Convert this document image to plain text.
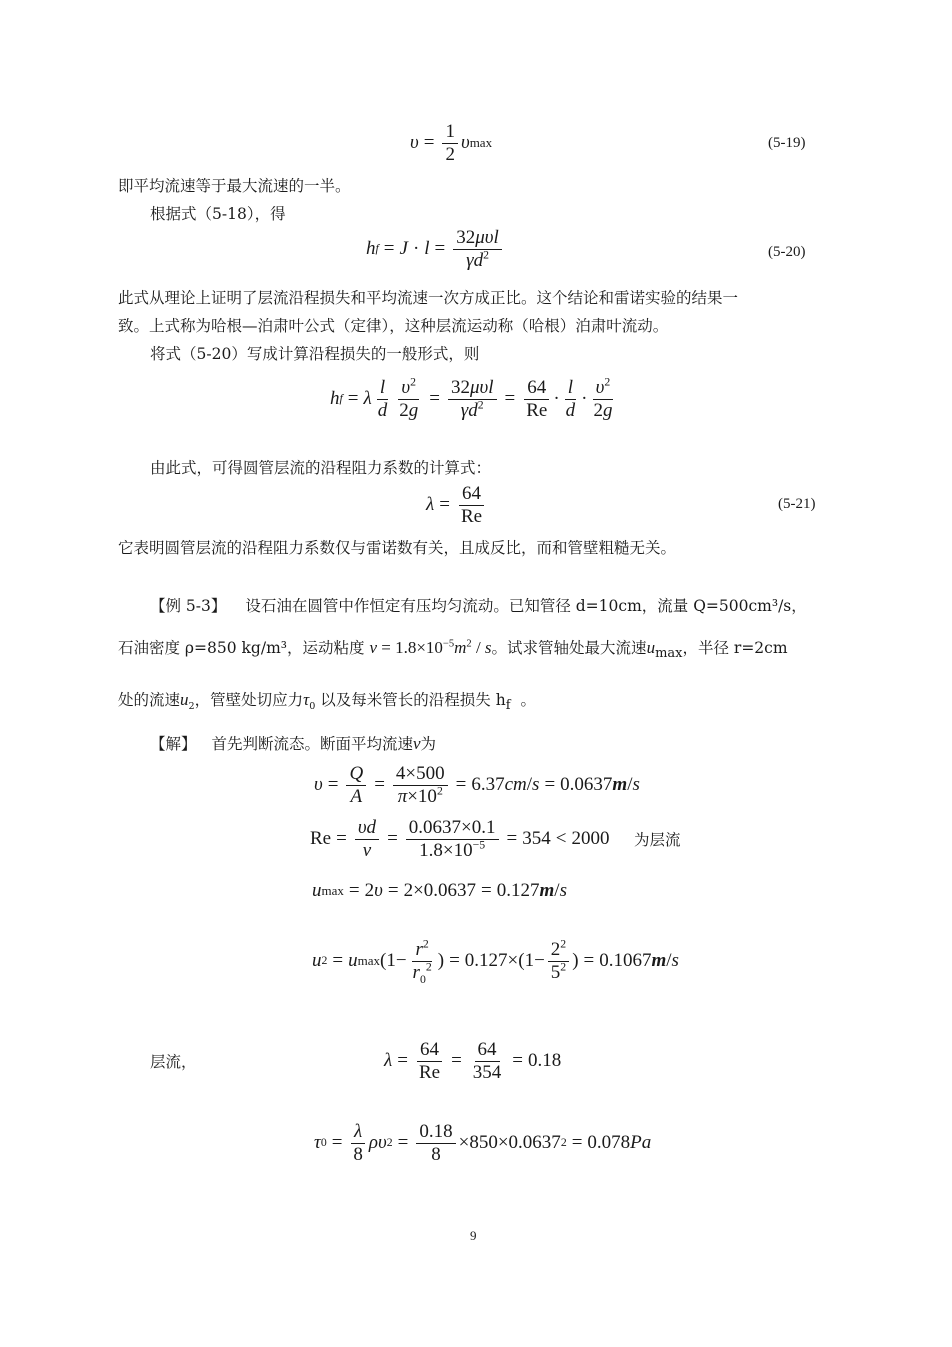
$\upsilon = \frac{1}{2}$ υ max	(5-19)
即平均流速等于最大流速的一半。
根据式（5-18），得
h $f = J \cdot l = \frac{\text{32μυl}}{\gamma d^2}$	(5-20)
此式从理论上证明了层流沿程损失和平均流速一次方成正比。这个结论和雷诺实验的结果一
致。上式称为哈根—泊肃叶公式（定律），这种层流运动称（哈根）泊肃叶流动。
将式（5-20）写成计算沿程损失的一般形式，则
h f = λ $\frac{l}{d} \frac{\upsilon^2}{2g} = \frac{\text{32μυl}}{\gamma d^2} = \frac{64}{Re} \cdot \frac{l}{d} \cdot \frac{\upsilon^2}{2g}$
由此式，可得圆管层流的沿程阻力系数的计算式：
$\lambda = \frac{64}{Re}$	(5-21)
它表明圆管层流的沿程阻力系数仅与雷诺数有关，且成反比，而和管壁粗糙无关。
【例 5-3】 设石油在圆管中作恒定有压均匀流动。已知管径 d=10cm，流量 Q=500cm³/s，
石油密度 ρ=850 kg/m³，运动粘度 $\nu = 1.8\times 10^{-5}m^2 / s$。试求管轴处最大流速$u_{max}$，半径 r=2cm
处的流速$u_2$，管壁处切应力$\tau_0$ 以及每米管长的沿程损失 $h_f$ 。
【解】 首先判断流态。断面平均流速ν为
$\upsilon = \frac{Q}{A} = \frac{4\times 500}{\pi\times 10^2} = 6.37$ cm / s = 0.0637 m / s
$Re = \frac{\upsilon d}{\nu} = \frac{0.0637\times 0.1}{1.8\times 10^{-5}} = 354 < 2000$ 为层流
u max = 2 υ = 2×0.0637 = 0.127 m / s
u 2 = u $\max (1- \frac{r^2}{r_0^2}$ ) = $0.127\times(1- \frac{2^2}{5^2}$ ) = 0.1067 m / s
层流，	$\lambda = \frac{64}{Re} = \frac{64}{354} = 0.18$
τ $0 = \frac{\lambda}{8}$ ρυ $2 = \frac{0.18}{8} \times 850\times 0.0637$ 2 = 0.078 Pa
9
